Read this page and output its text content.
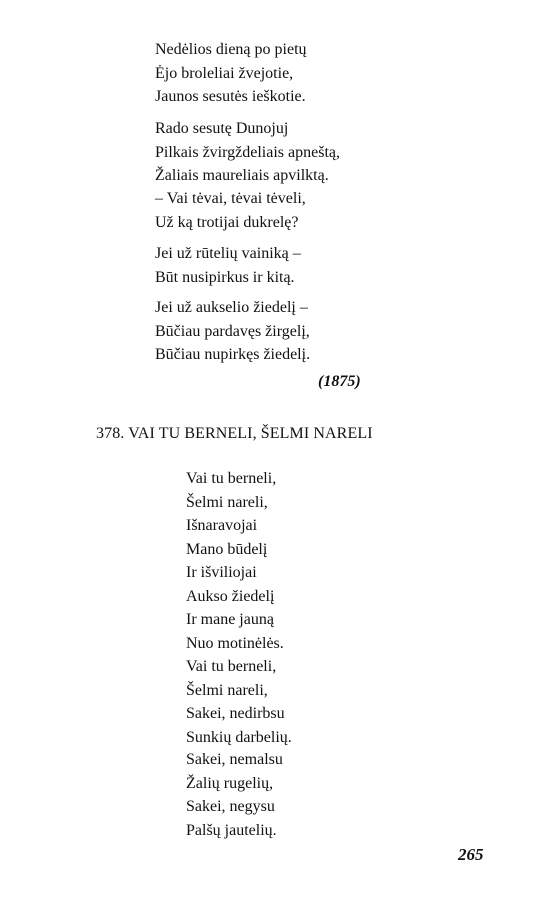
Nedėlios dieną po pietų
Ėjo broleliai žvejotie,
Jaunos sesutės ieškotie.
Rado sesutę Dunojuj
Pilkais žvirgždeliais apneštą,
Žaliais maureliais apvilktą.
– Vai tėvai, tėvai tėveli,
Už ką trotijai dukrelę?
Jei už rūtelių vainiką –
Būt nusipirkus ir kitą.
Jei už aukselio žiedelį –
Būčiau pardavęs žirgelį,
Būčiau nupirkęs žiedelį.
(1875)
378. VAI TU BERNELI, ŠELMI NARELI
Vai tu berneli,
Šelmi nareli,
Išnaravojai
Mano būdelį
Ir išviliojai
Aukso žiedelį
Ir mane jauną
Nuo motinėlės.
Vai tu berneli,
Šelmi nareli,
Sakei, nedirbsu
Sunkių darbelių.
Sakei, nemalsu
Žalių rugelių,
Sakei, negysu
Palšų jautelių.
265
